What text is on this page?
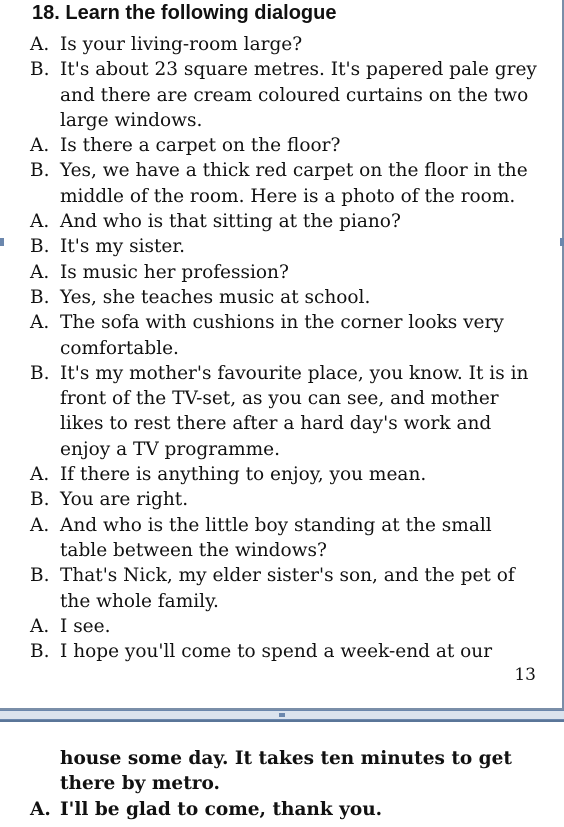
18. Learn the following dialogue
A. Is your living-room large?
B. It's about 23 square metres. It's papered pale grey and there are cream coloured curtains on the two large windows.
A. Is there a carpet on the floor?
B. Yes, we have a thick red carpet on the floor in the middle of the room. Here is a photo of the room.
A. And who is that sitting at the piano?
B. It's my sister.
A. Is music her profession?
B. Yes, she teaches music at school.
A. The sofa with cushions in the corner looks very comfortable.
B. It's my mother's favourite place, you know. It is in front of the TV-set, as you can see, and mother likes to rest there after a hard day's work and enjoy a TV programme.
A. If there is anything to enjoy, you mean.
B. You are right.
A. And who is the little boy standing at the small table between the windows?
B. That's Nick, my elder sister's son, and the pet of the whole family.
A. I see.
B. I hope you'll come to spend a week-end at our
13
house some day. It takes ten minutes to get there by metro.
A. I'll be glad to come, thank you.
